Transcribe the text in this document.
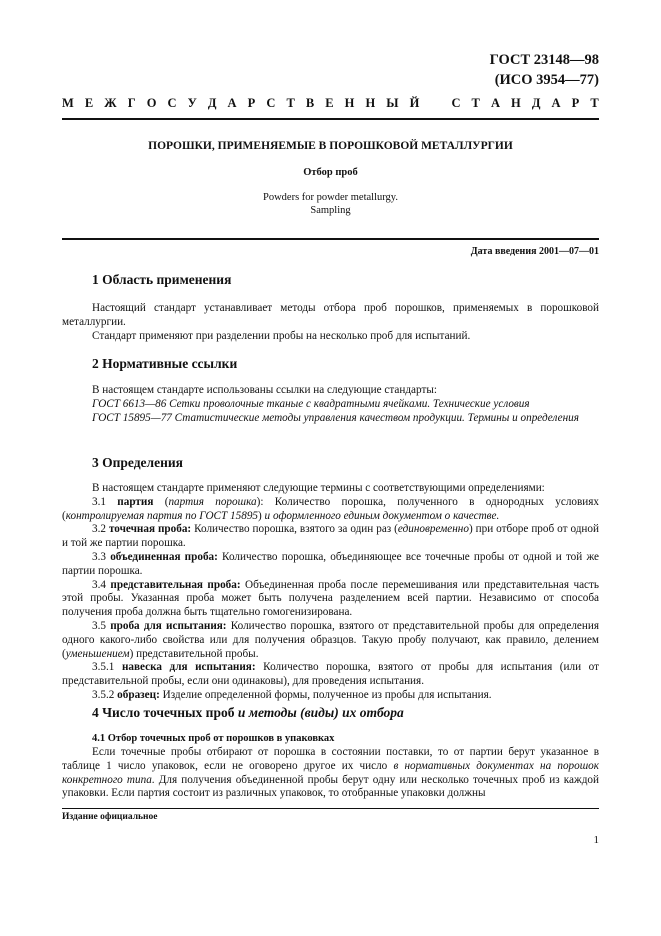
ГОСТ 23148—98
(ИСО 3954—77)
М Е Ж Г О С У Д А Р С Т В Е Н Н Ы Й	С Т А Н Д А Р Т
ПОРОШКИ, ПРИМЕНЯЕМЫЕ В ПОРОШКОВОЙ МЕТАЛЛУРГИИ
Отбор проб
Powders for powder metallurgy.
Sampling
Дата введения 2001—07—01
1 Область применения

Настоящий стандарт устанавливает методы отбора проб порошков, применяемых в порошковой металлургии.

Стандарт применяют при разделении пробы на несколько проб для испытаний.

2 Нормативные ссылки

В настоящем стандарте использованы ссылки на следующие стандарты:

ГОСТ 6613—86 Сетки проволочные тканые с квадратными ячейками. Технические условия

ГОСТ 15895—77 Статистические методы управления качеством продукции. Термины и определения

3 Определения

В настоящем стандарте применяют следующие термины с соответствующими определениями:

3.1 партия (партия порошка): Количество порошка, полученного в однородных условиях (контролируемая партия по ГОСТ 15895) и оформленного единым документом о качестве.

3.2 точечная проба: Количество порошка, взятого за один раз (единовременно) при отборе проб от одной и той же партии порошка.

3.3 объединенная проба: Количество порошка, объединяющее все точечные пробы от одной и той же партии порошка.

3.4 представительная проба: Объединенная проба после перемешивания или представительная часть этой пробы. Указанная проба может быть получена разделением всей партии. Независимо от способа получения проба должна быть тщательно гомогенизирована.

3.5 проба для испытания: Количество порошка, взятого от представительной пробы для определения одного какого-либо свойства или для получения образцов. Такую пробу получают, как правило, делением (уменьшением) представительной пробы.

3.5.1 навеска для испытания: Количество порошка, взятого от пробы для испытания (или от представительной пробы, если они одинаковы), для проведения испытания.

3.5.2 образец: Изделие определенной формы, полученное из пробы для испытания.

4 Число точечных проб и методы (виды) их отбора
4.1 Отбор точечных проб от порошков в упаковках

Если точечные пробы отбирают от порошка в состоянии поставки, то от партии берут указанное в таблице 1 число упаковок, если не оговорено другое их число в нормативных документах на порошок конкретного типа. Для получения объединенной пробы берут одну или несколько точечных проб из каждой упаковки. Если партия состоит из различных упаковок, то отобранные упаковки должны

Издание официальное
1
